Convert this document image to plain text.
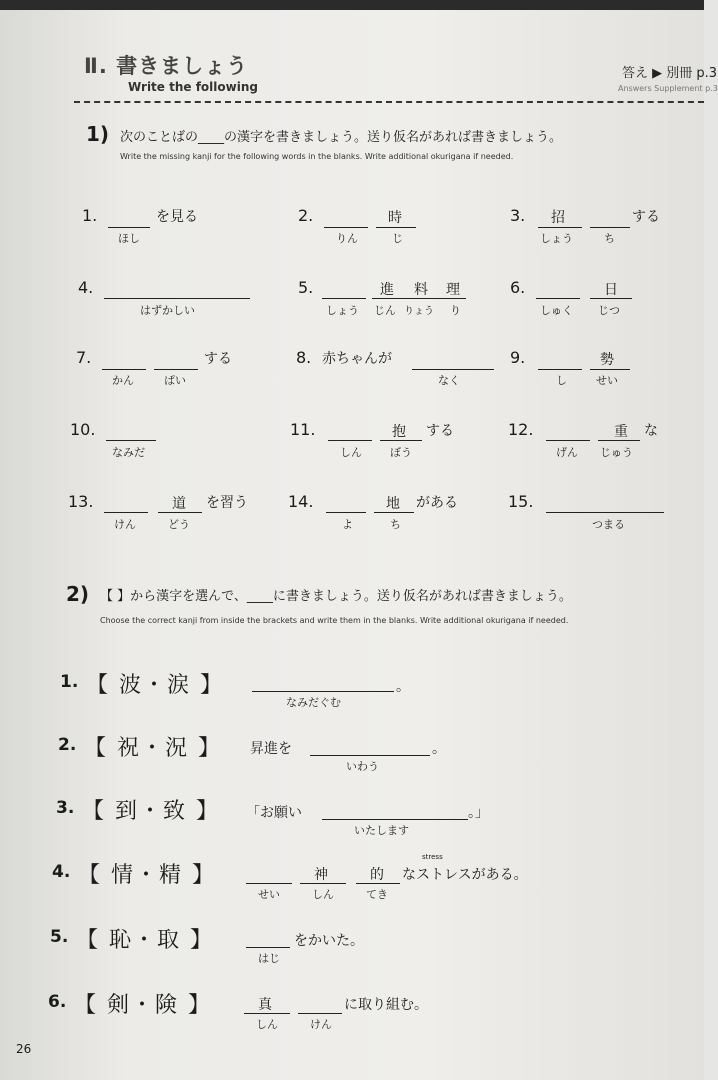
Ⅱ. 書きましょう
Write the following
答え ▶ 別冊 p.3
Answers Supplement p.3
1) 次のことばの____の漢字を書きましょう。送り仮名があれば書きましょう。
Write the missing kanji for the following words in the blanks. Write additional okurigana if needed.
1.	を見る
ほし
2.	時
りん	じ
3. 招	する
しょう	ち
4.
はずかしい
5.	進 料 理
しょう じん りょう り
6.	日
しゅく じつ
7.	する
かん	ぱい
8. 赤ちゃんが
なく
9.	勢
し	せい
10.
なみだ
11.	抱 する
しん	ぼう
12.	重 な
げん じゅう
13.	道 を習う
けん	どう
14.	地 がある
よ	ち
15.
つまる
2) 【 】から漢字を選んで、____に書きましょう。送り仮名があれば書きましょう。
Choose the correct kanji from inside the brackets and write them in the blanks. Write additional okurigana if needed.
1. 【 波・涙 】	。
なみだぐむ
2. 【 祝・況 】 昇進を	。
いわう
3. 【 到・致 】 「お願い	。」
いたします
4. 【 情・精 】	神	的
stress
なストレスがある。
せい	しん	てき
5. 【 恥・取 】	をかいた。
はじ
6. 【 剣・険 】	真	に取り組む。
しん	けん
26
